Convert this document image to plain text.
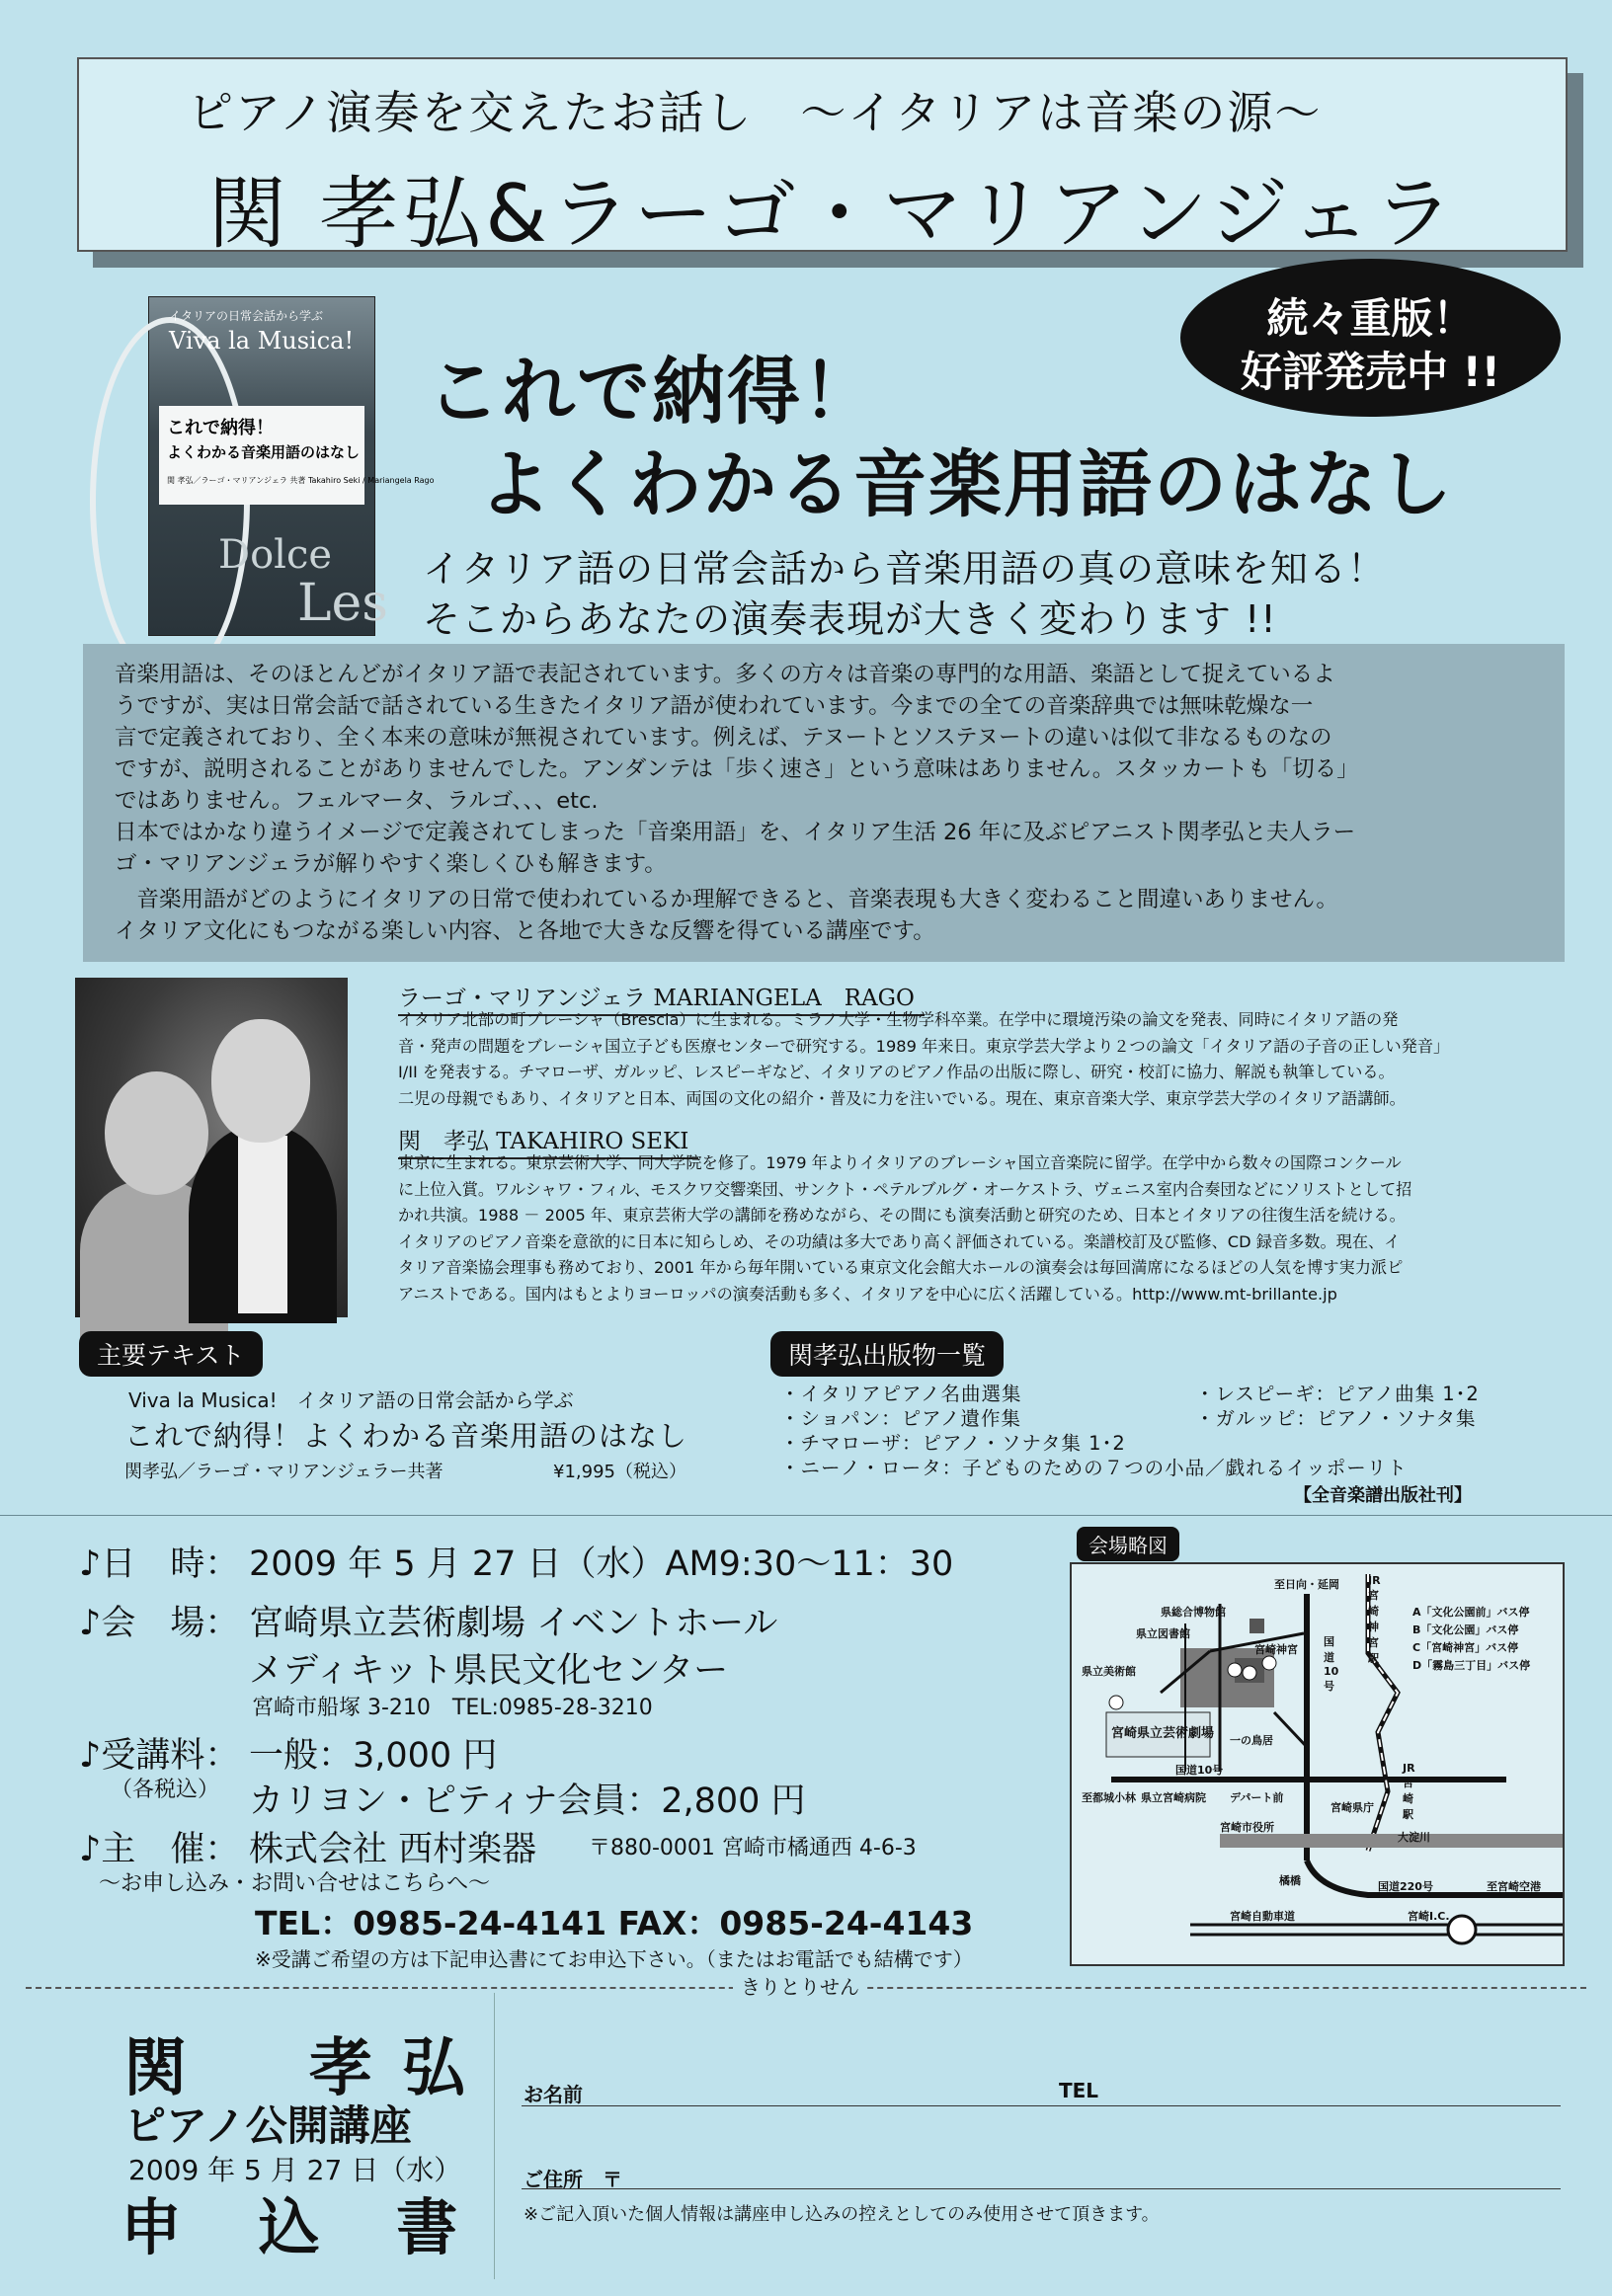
ピアノ演奏を交えたお話し　～イタリアは音楽の源～
関 孝弘&ラーゴ・マリアンジェラ
イタリアの日常会話から学ぶ
Viva la Musica!
これで納得！
よくわかる音楽用語のはなし
関 孝弘／ラーゴ・マリアンジェラ 共著 Takahiro Seki / Mariangela Rago
Dolce
Les
続々重版！
好評発売中 !!
これで納得！
よくわかる音楽用語のはなし
イタリア語の日常会話から音楽用語の真の意味を知る！
そこからあなたの演奏表現が大きく変わります !!

音楽用語は、そのほとんどがイタリア語で表記されています。多くの方々は音楽の専門的な用語、楽語として捉えているよ

うですが、実は日常会話で話されている生きたイタリア語が使われています。今までの全ての音楽辞典では無味乾燥な一

言で定義されており、全く本来の意味が無視されています。例えば、テヌートとソステヌートの違いは似て非なるものなの

ですが、説明されることがありませんでした。アンダンテは「歩く速さ」という意味はありません。スタッカートも「切る」

ではありません。フェルマータ、ラルゴ、、、etc.

日本ではかなり違うイメージで定義されてしまった「音楽用語」を、イタリア生活 26 年に及ぶピアニスト関孝弘と夫人ラー

ゴ・マリアンジェラが解りやすく楽しくひも解きます。

　音楽用語がどのようにイタリアの日常で使われているか理解できると、音楽表現も大きく変わること間違いありません。

イタリア文化にもつながる楽しい内容、と各地で大きな反響を得ている講座です。

ラーゴ・マリアンジェラ MARIANGELA　RAGO
イタリア北部の町ブレーシャ（Brescia）に生まれる。ミラノ大学・生物学科卒業。在学中に環境汚染の論文を発表、同時にイタリア語の発
音・発声の問題をブレーシャ国立子ども医療センターで研究する。1989 年来日。東京学芸大学より２つの論文「イタリア語の子音の正しい発音」
I/II を発表する。チマローザ、ガルッピ、レスピーギなど、イタリアのピアノ作品の出版に際し、研究・校訂に協力、解説も執筆している。
二児の母親でもあり、イタリアと日本、両国の文化の紹介・普及に力を注いでいる。現在、東京音楽大学、東京学芸大学のイタリア語講師。
関　孝弘 TAKAHIRO SEKI
東京に生まれる。東京芸術大学、同大学院を修了。1979 年よりイタリアのブレーシャ国立音楽院に留学。在学中から数々の国際コンクール
に上位入賞。ワルシャワ・フィル、モスクワ交響楽団、サンクト・ペテルブルグ・オーケストラ、ヴェニス室内合奏団などにソリストとして招
かれ共演。1988 － 2005 年、東京芸術大学の講師を務めながら、その間にも演奏活動と研究のため、日本とイタリアの往復生活を続ける。
イタリアのピアノ音楽を意欲的に日本に知らしめ、その功績は多大であり高く評価されている。楽譜校訂及び監修、CD 録音多数。現在、イ
タリア音楽協会理事も務めており、2001 年から毎年開いている東京文化会館大ホールの演奏会は毎回満席になるほどの人気を博す実力派ピ
アニストである。国内はもとよりヨーロッパの演奏活動も多く、イタリアを中心に広く活躍している。http://www.mt-brillante.jp
主要テキスト
Viva la Musica!　イタリア語の日常会話から学ぶ
これで納得！よくわかる音楽用語のはなし
関孝弘／ラーゴ・マリアンジェラー共著	¥1,995（税込）
関孝弘出版物一覧
・イタリアピアノ名曲選集
・ショパン：ピアノ遺作集
・チマローザ：ピアノ・ソナタ集 1･2
・ニーノ・ロータ：子どものための７つの小品／戯れるイッポーリト
・レスピーギ：ピアノ曲集 1･2
・ガルッピ：ピアノ・ソナタ集
【全音楽譜出版社刊】
♪日　時： 2009 年 5 月 27 日（水）AM9:30～11：30
♪会　場： 宮崎県立芸術劇場 イベントホール
メディキット県民文化センター
宮崎市船塚 3-210　TEL:0985-28-3210
♪受講料：
（各税込）
一般：3,000 円
カリヨン・ピティナ会員：2,800 円
♪主　催： 株式会社 西村楽器 〒880-0001 宮崎市橘通西 4-6-3
～お申し込み・お問い合せはこちらへ～
TEL：0985-24-4141 FAX：0985-24-4143
※受講ご希望の方は下記申込書にてお申込下さい。（またはお電話でも結構です）
会場略図
至日向・延岡	JR宮崎神宮駅
県総合博物館
県立図書館
県立美術館
宮崎神宮
国道10号
宮崎県立芸術劇場 一の鳥居
国道10号	JR宮崎駅
至都城小林 県立宮崎病院 デパート前
宮崎県庁
宮崎市役所
大淀川
橘橋	国道220号	至宮崎空港
宮崎自動車道	宮崎I.C.
A「文化公園前」バス停
B「文化公園」バス停
C「宮崎神宮」バス停
D「霧島三丁目」バス停
きりとりせん
関　孝弘
ピアノ公開講座
2009 年 5 月 27 日（水）
申 込 書
お名前	TEL
ご住所　〒
※ご記入頂いた個人情報は講座申し込みの控えとしてのみ使用させて頂きます。
